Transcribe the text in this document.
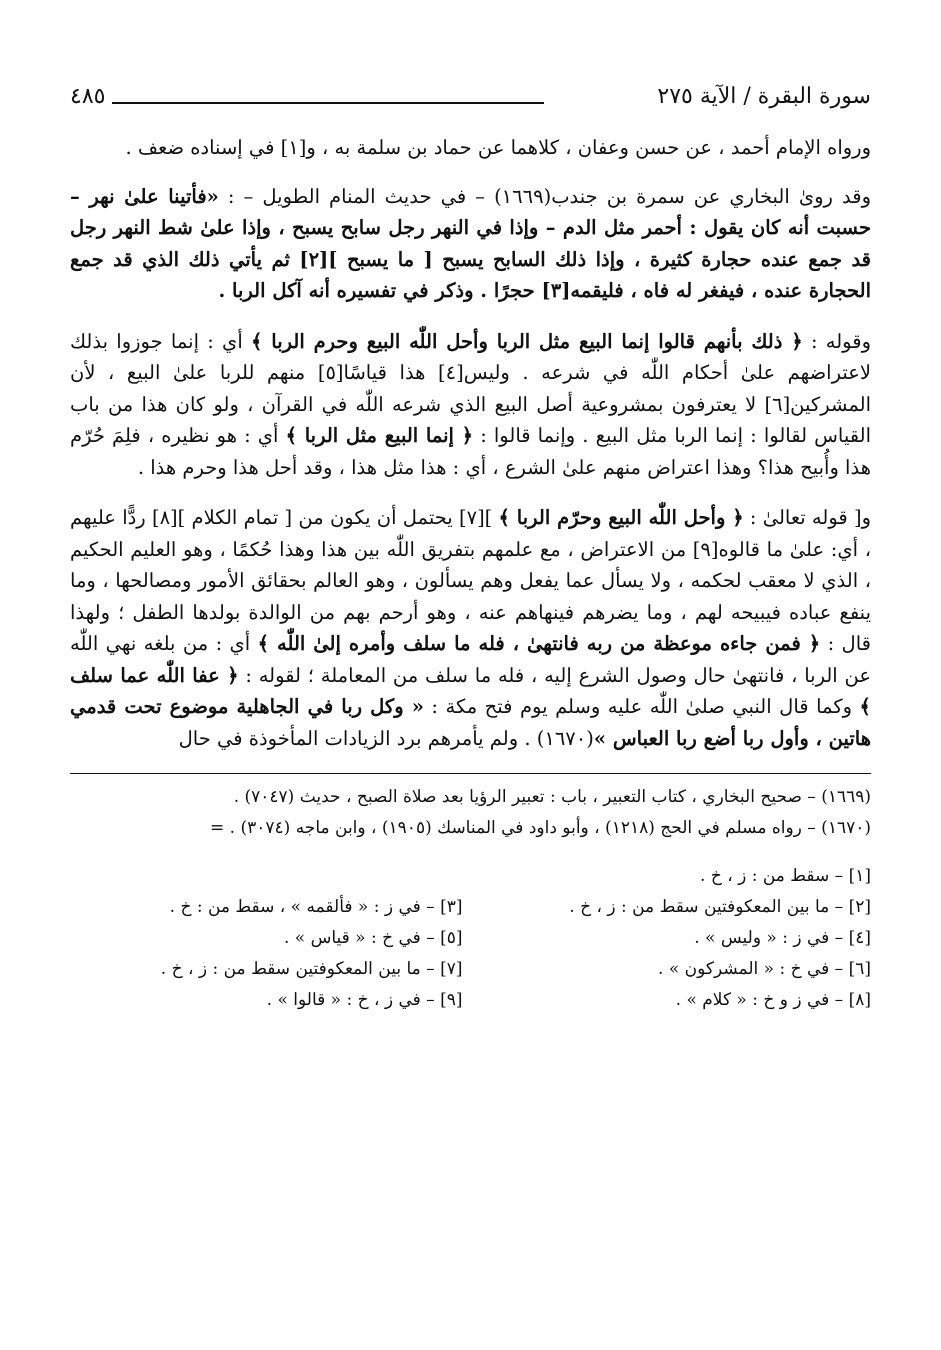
سورة البقرة / الآية ٢٧٥
٤٨٥

ورواه الإمام أحمد ، عن حسن وعفان ، كلاهما عن حماد بن سلمة به ، و[١] في إسناده ضعف .

وقد روىٰ البخاري عن سمرة بن جندب(١٦٦٩) – في حديث المنام الطويل – : «فأتينا علىٰ نهر – حسبت أنه كان يقول : أحمر مثل الدم – وإذا في النهر رجل سابح يسبح ، وإذا علىٰ شط النهر رجل قد جمع عنده حجارة كثيرة ، وإذا ذلك السابح يسبح [ ما يسبح ][٢] ثم يأتي ذلك الذي قد جمع الحجارة عنده ، فيفغر له فاه ، فليقمه[٣] حجرًا . وذكر في تفسيره أنه آكل الربا .

وقوله : ﴿ ذلك بأنهم قالوا إنما البيع مثل الربا وأحل اللّٰه البيع وحرم الربا ﴾ أي : إنما جوزوا بذلك لاعتراضهم علىٰ أحكام اللّٰه في شرعه . وليس[٤] هذا قياسًا[٥] منهم للربا علىٰ البيع ، لأن المشركين[٦] لا يعترفون بمشروعية أصل البيع الذي شرعه اللّٰه في القرآن ، ولو كان هذا من باب القياس لقالوا : إنما الربا مثل البيع . وإنما قالوا : ﴿ إنما البيع مثل الربا ﴾ أي : هو نظيره ، فلِمَ حُرّم هذا وأُبيح هذا؟ وهذا اعتراض منهم علىٰ الشرع ، أي : هذا مثل هذا ، وقد أحل هذا وحرم هذا .

و[ قوله تعالىٰ : ﴿ وأحل اللّٰه البيع وحرّم الربا ﴾ ][٧] يحتمل أن يكون من [ تمام الكلام ][٨] ردًّا عليهم ، أي: علىٰ ما قالوه[٩] من الاعتراض ، مع علمهم بتفريق اللّٰه بين هذا وهذا حُكمًا ، وهو العليم الحكيم ، الذي لا معقب لحكمه ، ولا يسأل عما يفعل وهم يسألون ، وهو العالم بحقائق الأمور ومصالحها ، وما ينفع عباده فيبيحه لهم ، وما يضرهم فينهاهم عنه ، وهو أرحم بهم من الوالدة بولدها الطفل ؛ ولهذا قال : ﴿ فمن جاءه موعظة من ربه فانتهىٰ ، فله ما سلف وأمره إلىٰ اللّٰه ﴾ أي : من بلغه نهي اللّٰه عن الربا ، فانتهىٰ حال وصول الشرع إليه ، فله ما سلف من المعاملة ؛ لقوله : ﴿ عفا اللّٰه عما سلف ﴾ وكما قال النبي صلىٰ اللّٰه عليه وسلم يوم فتح مكة : « وكل ربا في الجاهلية موضوع تحت قدمي هاتين ، وأول ربا أضع ربا العباس »(١٦٧٠) . ولم يأمرهم برد الزيادات المأخوذة في حال

(١٦٦٩) – صحيح البخاري ، كتاب التعبير ، باب : تعبير الرؤيا بعد صلاة الصبح ، حديث (٧٠٤٧) .
(١٦٧٠) – رواه مسلم في الحج (١٢١٨) ، وأبو داود في المناسك (١٩٠٥) ، وابن ماجه (٣٠٧٤) . =
[١] – سقط من : ز ، خ .
[٢] – ما بين المعكوفتين سقط من : ز ، خ .
[٣] – في ز : « فألقمه » ، سقط من : خ .
[٤] – في ز : « وليس » .
[٥] – في خ : « قياس » .
[٦] – في خ : « المشركون » .
[٧] – ما بين المعكوفتين سقط من : ز ، خ .
[٨] – في ز و خ : « كلام » .
[٩] – في ز ، خ : « قالوا » .
